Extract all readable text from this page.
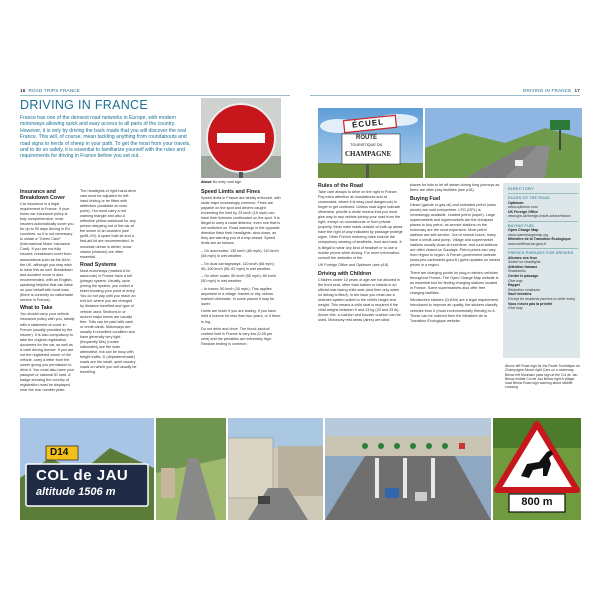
16 ROAD TRIPS FRANCE	DRIVING IN FRANCE 17
DRIVING IN FRANCE
France has one of the densest road networks in Europe, with modern motorways allowing quick and easy access to all parts of the country. However, it is only by driving the back roads that you will discover the real France. This will, of course, mean tackling anything from roundabouts and road signs to herds of sheep in your path. To get the most from your travels, and to do so safely, it is essential to familiarize yourself with the rules and requirements for driving in France before you set out.
ÉCUEL
ROUTE
TOURISTIQUE DU
CHAMPAGNE
Insurance and Breakdown Cover

Car insurance is a legal requirement in France. If your home car insurance policy is fully comprehensive, most insurers automatically cover you for up to 90 days driving in EU countries, so it is not necessary to obtain a "Green Card" (International Motor Insurance Card). If you are not fully insured, breakdown cover from associations such as the AA in the UK, although you may wish to have this as well. Breakdown and accident cover is also recommended, with an English-speaking helpline that can liaise on your behalf with local tows (there is currently no nationwide service in France).

What to Take

You should carry your vehicle insurance policy with you, ideally with a statement of cover in French (usually provided by the insurer). It is also compulsory to take the original registration document for the car, as well as a valid driving licence. If you are not the registered owner of the vehicle, carry a letter from the owner giving you permission to drive it. You must also have your passport or national ID card. A badge showing the country of registration must be displayed near the rear number plate.

The headlights of right-hand-drive cars must be adjusted for left-hand driving or be fitted with deflectors (available at most ports). You must carry a red warning triangle and also a reflective yellow waistcoat for any person stepping out of the car at the scene of an accident (see pp98–99). A spare bulb kit and a first-aid kit are recommended. In mountain areas in winter, snow chains (chaînes) are often essential.

Road Systems

Most motorways (marked A for autoroute) in France have a toll (péage) system. Usually, upon joining the system, you collect a ticket showing your point of entry. You do not pay until you reach an exit toll, where you are charged by distance travelled and type of vehicle used. Sections in or around major towns are usually free. Tolls can be paid with cash or credit cards. Motorways are usually in excellent condition and have generally very light (frequently 80s) (routes nationales) are the main alternative, but can be busy with freight traffic. D (départementale) roads are the small, quiet country roads on which you will usually be travelling.

Above No entry road sign
Speed Limits and Fines

Speed limits in France are strictly enforced, with radar traps increasingly common. Fines are payable on the spot and drivers caught exceeding the limit by 25 km/h (15 mph) can have their licences confiscated on the spot. It is illegal to carry a radar detector, even one that is not switched on. Road warnings in the opposite direction flash their headlights, slow down, as they are warning you of a trap ahead. Speed limits are as follows:

– On autoroutes: 130 km/h (80 mph); 110 km/h (68 mph) in wet weather.

– On dual carriageways: 110 km/h (68 mph); 90–100 km/h (55–62 mph) in wet weather.

– On other roads: 80 km/h (50 mph); 80 km/h (50 mph) in wet weather.

– In towns: 50 km/h (30 mph). This applies anywhere in a village, hamlet or city, unless marked otherwise. In some places it may be lower.

Limits are lower if you are towing. If you have held a licence for less than two years, or if there is fog.

Do not drink and drive. The blood-alcohol content limit in France is very low (0.05 per cent) and the penalties are extremely high. Random testing is common.

Rules of the Road

Take care always to drive on the right in France. Pay extra attention at roundabouts and at crossroads, where it is easy (and dangerous) to forget to get confused. Unless road signs indicate otherwise, priorité à droite means that you must give way to any vehicle joining your road from the right, except on roundabouts or from private property. Most main roads outside of built-up areas have the right of way indicated by passage protégé signs. Other French motoring rules include the compulsory wearing of seatbelts, front and back. It is illegal to wear any kind of headset or to use a mobile phone while driving. For more information, consult the websites of the

UK Foreign Office and Optimum (see p18).

Driving with Children

Children under 10 years of age are not allowed in the front seat, other than babies or infants in an official rear-facing child seat (and then only when no airbag is fitted). In the back you must use a restraint system suited to the child's height and weight. This means a child seat is required if the child weighs between 9 and 13 kg (20 and 33 lb). Above this, a cushion and booster cushion can be used. Motorway rest areas (aires) are ideal

places for kids to let off steam during long journeys as there are often play facilities (see p18).

Buying Fuel

Diesel (gazole or gas-oil) and unleaded petrol (sans plomb) are sold everywhere. LPG (GPL) is increasingly available. Leaded petrol (super). Large supermarkets and hypermarkets are the cheapest places to buy petrol, as service stations on the motorway are the most expensive. Most petrol stations are self-service. Out of normal hours, many have a credit-card pump. Village and supermarket stations usually close at lunchtime, and rural stations are often closed on Sundays. Petrol prices can vary from region to region. A French government website (www.prix-carburants.gouv.fr) gives updates on lowest prices in a region.

There are charging points for plug-in electric vehicles throughout France. The Open Charge Map website is an essential tool for finding charging stations located in France. Some supermarkets also offer free charging facilities.

Windscreen stickers (Crit'Air) are a legal requirement. Introduced to improve air quality, the stickers classify vehicles from 0 (most environmentally friendly) to 6. These can be ordered from the Ministère de la Transition Écologique website.

DIRECTORY
RULES OF THE ROAD
Optimum
www.optimum.com
UK Foreign Office
www.gov.uk/foreign-travel-advice/france
BUYING FUEL
Open Charge Map
www.openchargemap.org
Ministère de la Transition Écologique
www.certificat-air.gouv.fr
FRENCH PHRASES FOR DRIVERS
Allumez vos feux
Switch on headlights
Attention travaux
Roadworks
Centre le passage
Give way
Rappel
Reduction continues
Sauf riverains
Except for residents (access to other exits)
Vous n'avez pas la priorité
Give way
Above left Road sign for the Route Touristique du Champagne Above right Cars on a motorway Below left Mountain pass sign at the Col de Jau Below middle Col de Jau Below right A village road Below Road sign warning about wildlife crossing
D14
COL de JAU
altitude 1506 m
800 m
